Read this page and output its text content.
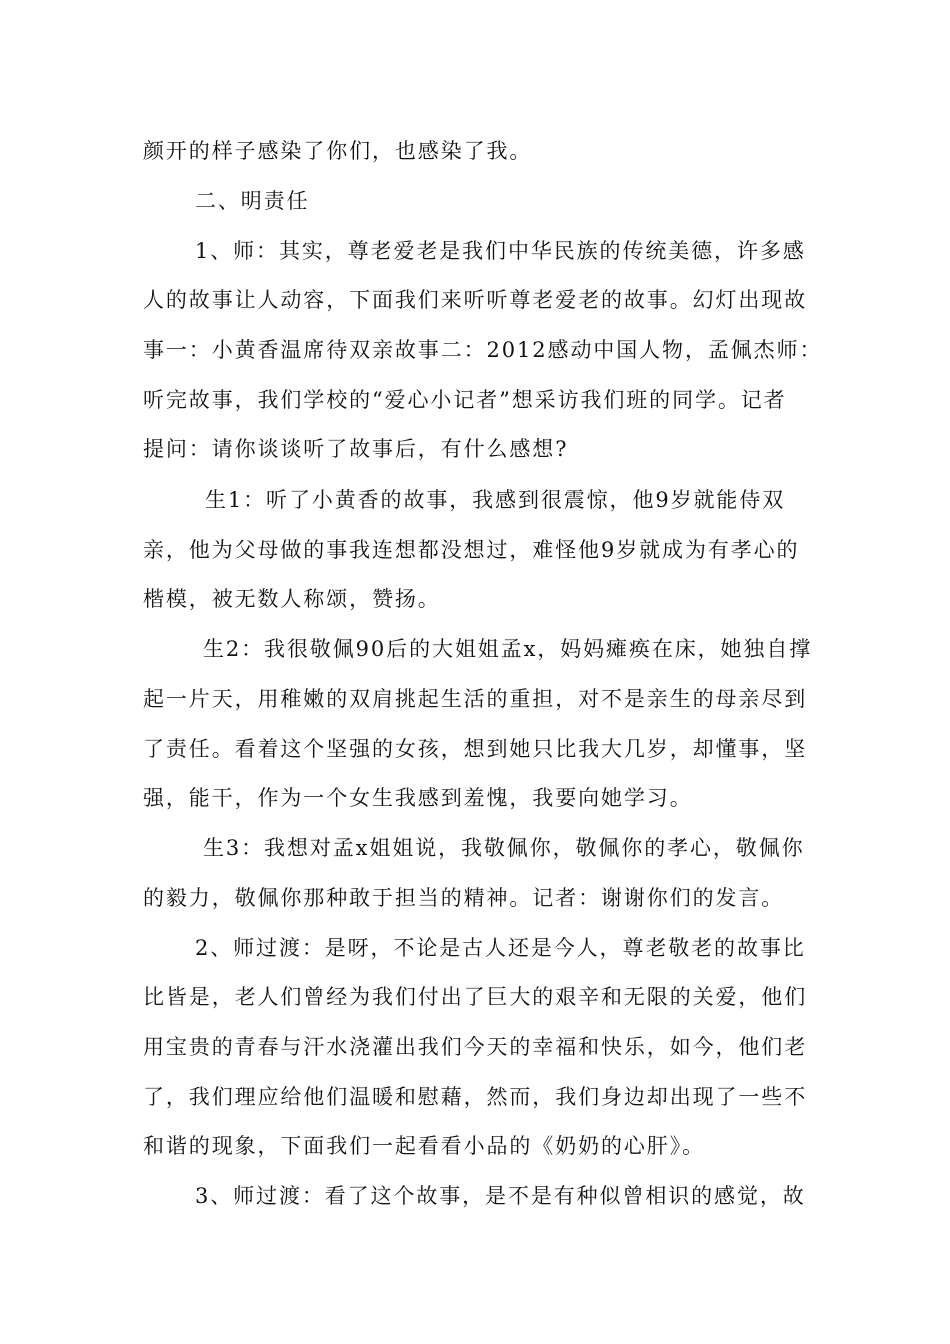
颜开的样子感染了你们，也感染了我。
二、明责任
1、师：其实，尊老爱老是我们中华民族的传统美德，许多感
人的故事让人动容，下面我们来听听尊老爱老的故事。幻灯出现故
事一：小黄香温席待双亲故事二：2012感动中国人物，孟佩杰师：
听完故事，我们学校的“爱心小记者”想采访我们班的同学。记者
提问：请你谈谈听了故事后，有什么感想?
生1：听了小黄香的故事，我感到很震惊，他9岁就能侍双
亲，他为父母做的事我连想都没想过，难怪他9岁就成为有孝心的
楷模，被无数人称颂，赞扬。
生2：我很敬佩90后的大姐姐孟x，妈妈瘫痪在床，她独自撑
起一片天，用稚嫩的双肩挑起生活的重担，对不是亲生的母亲尽到
了责任。看着这个坚强的女孩，想到她只比我大几岁，却懂事，坚
强，能干，作为一个女生我感到羞愧，我要向她学习。
生3：我想对孟x姐姐说，我敬佩你，敬佩你的孝心，敬佩你
的毅力，敬佩你那种敢于担当的精神。记者：谢谢你们的发言。
2、师过渡：是呀，不论是古人还是今人，尊老敬老的故事比
比皆是，老人们曾经为我们付出了巨大的艰辛和无限的关爱，他们
用宝贵的青春与汗水浇灌出我们今天的幸福和快乐，如今，他们老
了，我们理应给他们温暖和慰藉，然而，我们身边却出现了一些不
和谐的现象，下面我们一起看看小品的《奶奶的心肝》。
3、师过渡：看了这个故事，是不是有种似曾相识的感觉，故
